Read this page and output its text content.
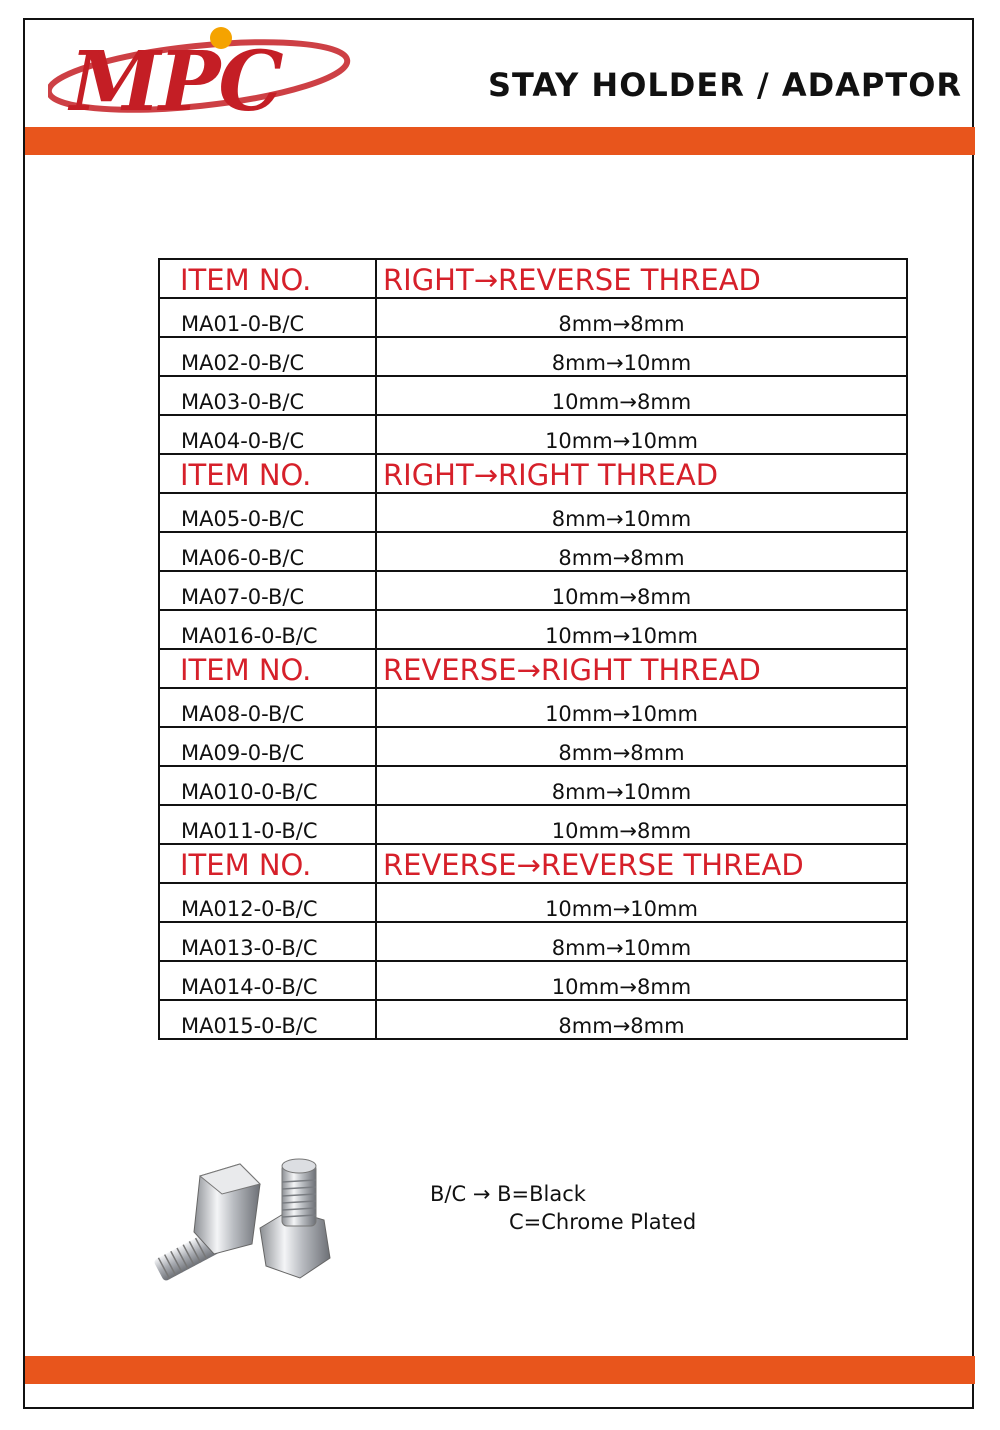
MPC	STAY HOLDER / ADAPTOR
ITEM NO.	RIGHT→REVERSE THREAD
MA01-0-B/C	8mm→8mm
MA02-0-B/C	8mm→10mm
MA03-0-B/C	10mm→8mm
MA04-0-B/C	10mm→10mm
ITEM NO.	RIGHT→RIGHT THREAD
MA05-0-B/C	8mm→10mm
MA06-0-B/C	8mm→8mm
MA07-0-B/C	10mm→8mm
MA016-0-B/C	10mm→10mm
ITEM NO.	REVERSE→RIGHT THREAD
MA08-0-B/C	10mm→10mm
MA09-0-B/C	8mm→8mm
MA010-0-B/C	8mm→10mm
MA011-0-B/C	10mm→8mm
ITEM NO.	REVERSE→REVERSE THREAD
MA012-0-B/C	10mm→10mm
MA013-0-B/C	8mm→10mm
MA014-0-B/C	10mm→8mm
MA015-0-B/C	8mm→8mm
B/C → B=Black
C=Chrome Plated
